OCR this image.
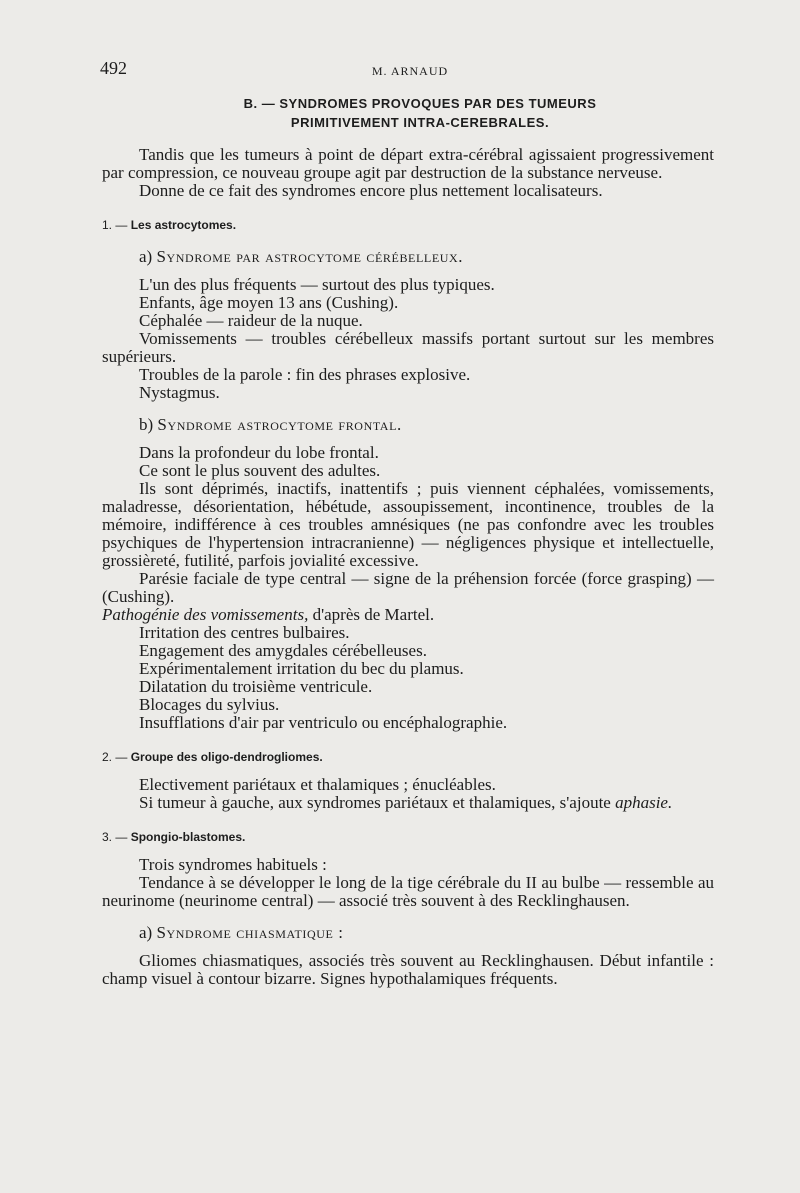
492	M. ARNAUD
B. — SYNDROMES PROVOQUES PAR DES TUMEURS
PRIMITIVEMENT INTRA-CEREBRALES.

Tandis que les tumeurs à point de départ extra-cérébral agissaient progressivement par compression, ce nouveau groupe agit par destruction de la substance nerveuse.

Donne de ce fait des syndromes encore plus nettement localisateurs.

1. — Les astrocytomes.
a) Syndrome par astrocytome cérébelleux.
L'un des plus fréquents — surtout des plus typiques.
Enfants, âge moyen 13 ans (Cushing).
Céphalée — raideur de la nuque.

Vomissements — troubles cérébelleux massifs portant surtout sur les membres supérieurs.

Troubles de la parole : fin des phrases explosive.
Nystagmus.
b) Syndrome astrocytome frontal.
Dans la profondeur du lobe frontal.
Ce sont le plus souvent des adultes.

Ils sont déprimés, inactifs, inattentifs ; puis viennent céphalées, vomissements, maladresse, désorientation, hébétude, assoupissement, incontinence, troubles de la mémoire, indifférence à ces troubles amnésiques (ne pas confondre avec les troubles psychiques de l'hypertension intracranienne) — négligences physique et intellectuelle, grossièreté, futilité, parfois jovialité excessive.

Parésie faciale de type central — signe de la préhension forcée (force grasping) — (Cushing).

Pathogénie des vomissements, d'après de Martel.

Irritation des centres bulbaires.
Engagement des amygdales cérébelleuses.
Expérimentalement irritation du bec du plamus.
Dilatation du troisième ventricule.
Blocages du sylvius.
Insufflations d'air par ventriculo ou encéphalographie.
2. — Groupe des oligo-dendrogliomes.
Electivement pariétaux et thalamiques ; énucléables.

Si tumeur à gauche, aux syndromes pariétaux et thalamiques, s'ajoute aphasie.

3. — Spongio-blastomes.
Trois syndromes habituels :

Tendance à se développer le long de la tige cérébrale du II au bulbe — ressemble au neurinome (neurinome central) — associé très souvent à des Recklinghausen.

a) Syndrome chiasmatique :

Gliomes chiasmatiques, associés très souvent au Recklinghausen. Début infantile : champ visuel à contour bizarre. Signes hypothalamiques fréquents.
